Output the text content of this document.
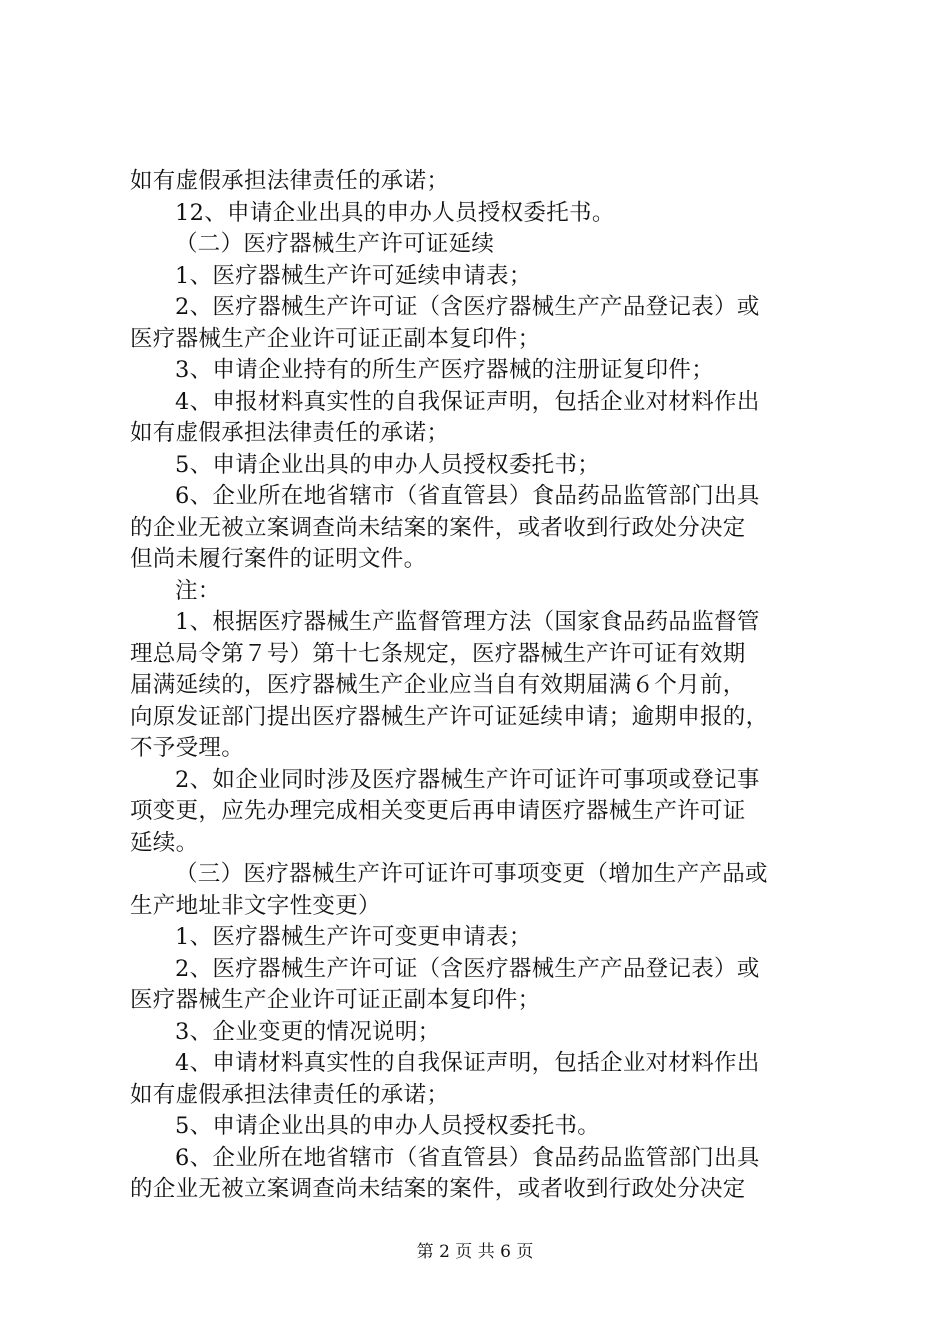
如有虚假承担法律责任的承诺；
12、申请企业出具的申办人员授权委托书。
（二）医疗器械生产许可证延续
1、医疗器械生产许可延续申请表；
2、医疗器械生产许可证（含医疗器械生产产品登记表）或
医疗器械生产企业许可证正副本复印件；
3、申请企业持有的所生产医疗器械的注册证复印件；
4、申报材料真实性的自我保证声明，包括企业对材料作出
如有虚假承担法律责任的承诺；
5、申请企业出具的申办人员授权委托书；
6、企业所在地省辖市（省直管县）食品药品监管部门出具
的企业无被立案调查尚未结案的案件，或者收到行政处分决定
但尚未履行案件的证明文件。
注：
1、根据医疗器械生产监督管理方法（国家食品药品监督管
理总局令第７号）第十七条规定，医疗器械生产许可证有效期
届满延续的，医疗器械生产企业应当自有效期届满６个月前，
向原发证部门提出医疗器械生产许可证延续申请；逾期申报的，
不予受理。
2、如企业同时涉及医疗器械生产许可证许可事项或登记事
项变更，应先办理完成相关变更后再申请医疗器械生产许可证
延续。
（三）医疗器械生产许可证许可事项变更（增加生产产品或
生产地址非文字性变更）
1、医疗器械生产许可变更申请表；
2、医疗器械生产许可证（含医疗器械生产产品登记表）或
医疗器械生产企业许可证正副本复印件；
3、企业变更的情况说明；
4、申请材料真实性的自我保证声明，包括企业对材料作出
如有虚假承担法律责任的承诺；
5、申请企业出具的申办人员授权委托书。
6、企业所在地省辖市（省直管县）食品药品监管部门出具
的企业无被立案调查尚未结案的案件，或者收到行政处分决定
第 2 页 共 6 页
